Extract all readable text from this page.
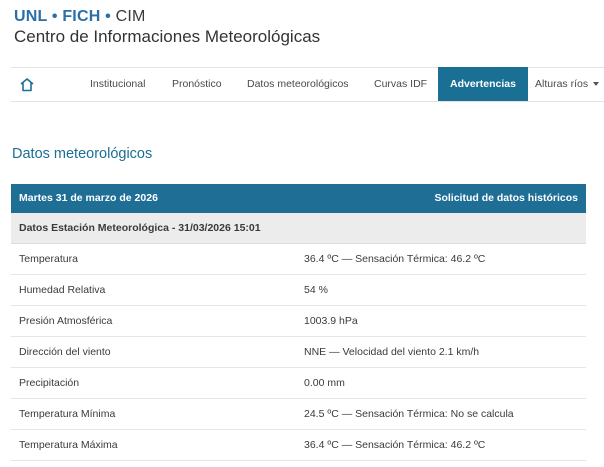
UNL • FICH • CIM
Centro de Informaciones Meteorológicas
Institucional	Pronóstico Datos meteorológicos Curvas IDF	Advertencias	Alturas ríos
Datos meteorológicos
Martes 31 de marzo de 2026	Solicitud de datos históricos
Datos Estación Meteorológica - 31/03/2026 15:01
Temperatura	36.4 ºC — Sensación Térmica: 46.2 ºC
Humedad Relativa	54 %
Presión Atmosférica	1003.9 hPa
Dirección del viento	NNE — Velocidad del viento 2.1 km/h
Precipitación	0.00 mm
Temperatura Mínima	24.5 ºC — Sensación Térmica: No se calcula
Temperatura Máxima	36.4 ºC — Sensación Térmica: 46.2 ºC
